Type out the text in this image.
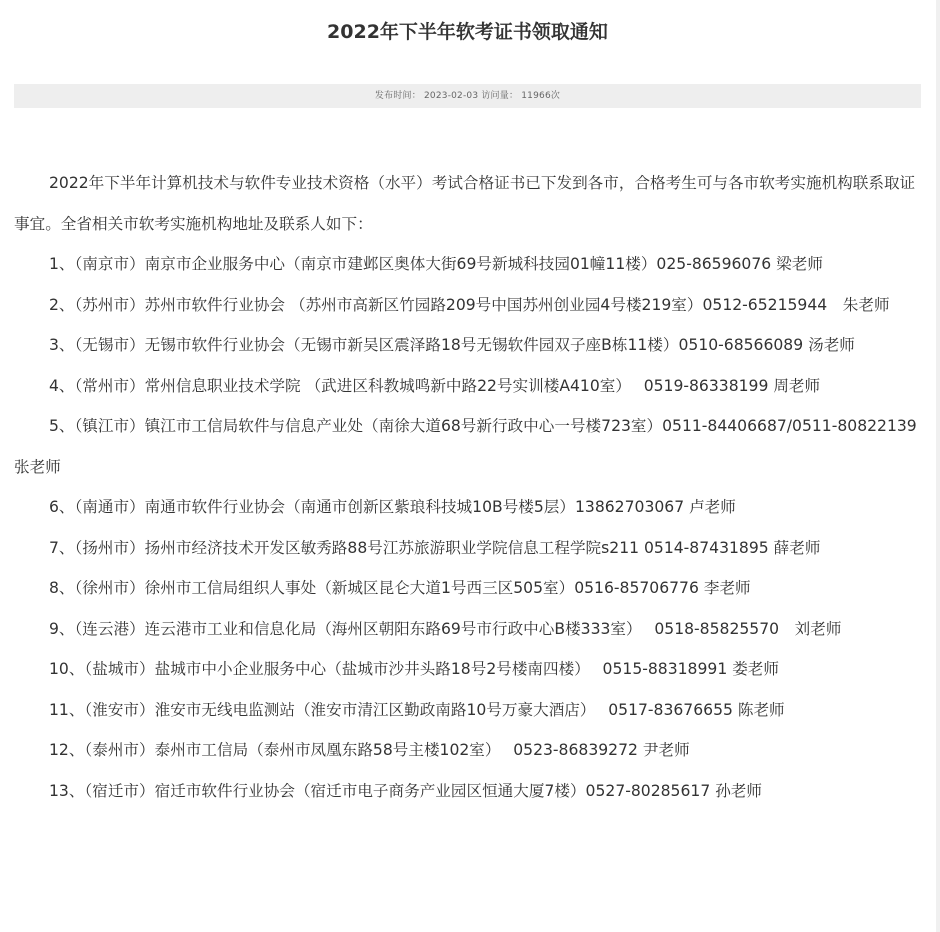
2022年下半年软考证书领取通知
发布时间： 2023-02-03 访问量： 11966次

2022年下半年计算机技术与软件专业技术资格（水平）考试合格证书已下发到各市，合格考生可与各市软考实施机构联系取证事宜。全省相关市软考实施机构地址及联系人如下：

1、（南京市）南京市企业服务中心（南京市建邺区奥体大街69号新城科技园01幢11楼）025-86596076 梁老师

2、（苏州市）苏州市软件行业协会 （苏州市高新区竹园路209号中国苏州创业园4号楼219室）0512-65215944　朱老师

3、（无锡市）无锡市软件行业协会（无锡市新吴区震泽路18号无锡软件园双子座B栋11楼）0510-68566089 汤老师

4、（常州市）常州信息职业技术学院 （武进区科教城鸣新中路22号实训楼A410室）　 0519-86338199 周老师

5、（镇江市）镇江市工信局软件与信息产业处（南徐大道68号新行政中心一号楼723室）0511-84406687/0511-80822139 张老师

6、（南通市）南通市软件行业协会（南通市创新区紫琅科技城10B号楼5层）13862703067 卢老师

7、（扬州市）扬州市经济技术开发区敏秀路88号江苏旅游职业学院信息工程学院s211 0514-87431895 薛老师

8、（徐州市）徐州市工信局组织人事处（新城区昆仑大道1号西三区505室）0516-85706776 李老师

9、（连云港）连云港市工业和信息化局（海州区朝阳东路69号市行政中心B楼333室）　 0518-85825570　刘老师

10、（盐城市）盐城市中小企业服务中心（盐城市沙井头路18号2号楼南四楼）　 0515-88318991 娄老师

11、（淮安市）淮安市无线电监测站（淮安市清江区勤政南路10号万豪大酒店）　 0517-83676655 陈老师

12、（泰州市）泰州市工信局（泰州市凤凰东路58号主楼102室）　 0523-86839272 尹老师

13、（宿迁市）宿迁市软件行业协会（宿迁市电子商务产业园区恒通大厦7楼）0527-80285617 孙老师
